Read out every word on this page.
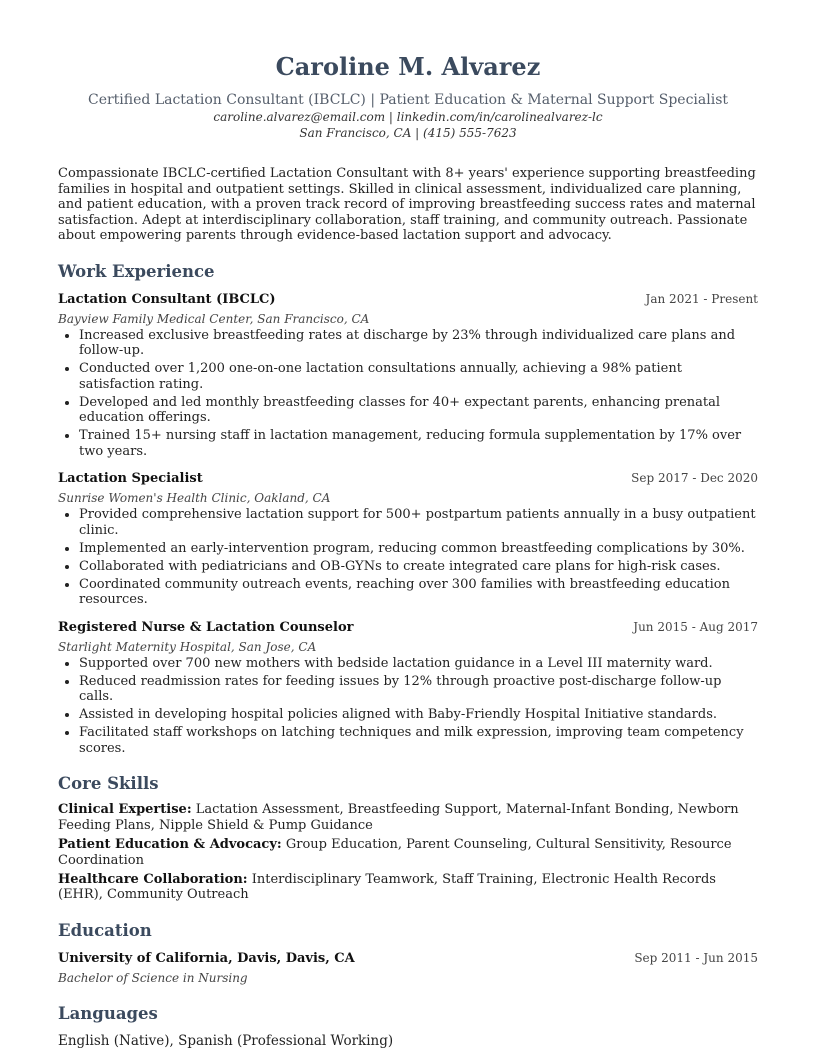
Caroline M. Alvarez
Certified Lactation Consultant (IBCLC) | Patient Education & Maternal Support Specialist
caroline.alvarez@email.com | linkedin.com/in/carolinealvarez-lc
San Francisco, CA | (415) 555-7623
Compassionate IBCLC-certified Lactation Consultant with 8+ years' experience supporting breastfeeding families in hospital and outpatient settings. Skilled in clinical assessment, individualized care planning, and patient education, with a proven track record of improving breastfeeding success rates and maternal satisfaction. Adept at interdisciplinary collaboration, staff training, and community outreach. Passionate about empowering parents through evidence-based lactation support and advocacy.
Work Experience
Lactation Consultant (IBCLC)	Jan 2021 - Present
Bayview Family Medical Center, San Francisco, CA
• Increased exclusive breastfeeding rates at discharge by 23% through individualized care plans and follow-up.
• Conducted over 1,200 one-on-one lactation consultations annually, achieving a 98% patient satisfaction rating.
• Developed and led monthly breastfeeding classes for 40+ expectant parents, enhancing prenatal education offerings.
• Trained 15+ nursing staff in lactation management, reducing formula supplementation by 17% over two years.
Lactation Specialist	Sep 2017 - Dec 2020
Sunrise Women's Health Clinic, Oakland, CA
• Provided comprehensive lactation support for 500+ postpartum patients annually in a busy outpatient clinic.
• Implemented an early-intervention program, reducing common breastfeeding complications by 30%.
• Collaborated with pediatricians and OB-GYNs to create integrated care plans for high-risk cases.
• Coordinated community outreach events, reaching over 300 families with breastfeeding education resources.
Registered Nurse & Lactation Counselor	Jun 2015 - Aug 2017
Starlight Maternity Hospital, San Jose, CA
• Supported over 700 new mothers with bedside lactation guidance in a Level III maternity ward.
• Reduced readmission rates for feeding issues by 12% through proactive post-discharge follow-up calls.
• Assisted in developing hospital policies aligned with Baby-Friendly Hospital Initiative standards.
• Facilitated staff workshops on latching techniques and milk expression, improving team competency scores.
Core Skills
Clinical Expertise: Lactation Assessment, Breastfeeding Support, Maternal-Infant Bonding, Newborn Feeding Plans, Nipple Shield & Pump Guidance
Patient Education & Advocacy: Group Education, Parent Counseling, Cultural Sensitivity, Resource Coordination
Healthcare Collaboration: Interdisciplinary Teamwork, Staff Training, Electronic Health Records (EHR), Community Outreach
Education
University of California, Davis, Davis, CA	Sep 2011 - Jun 2015
Bachelor of Science in Nursing
Languages
English (Native), Spanish (Professional Working)
